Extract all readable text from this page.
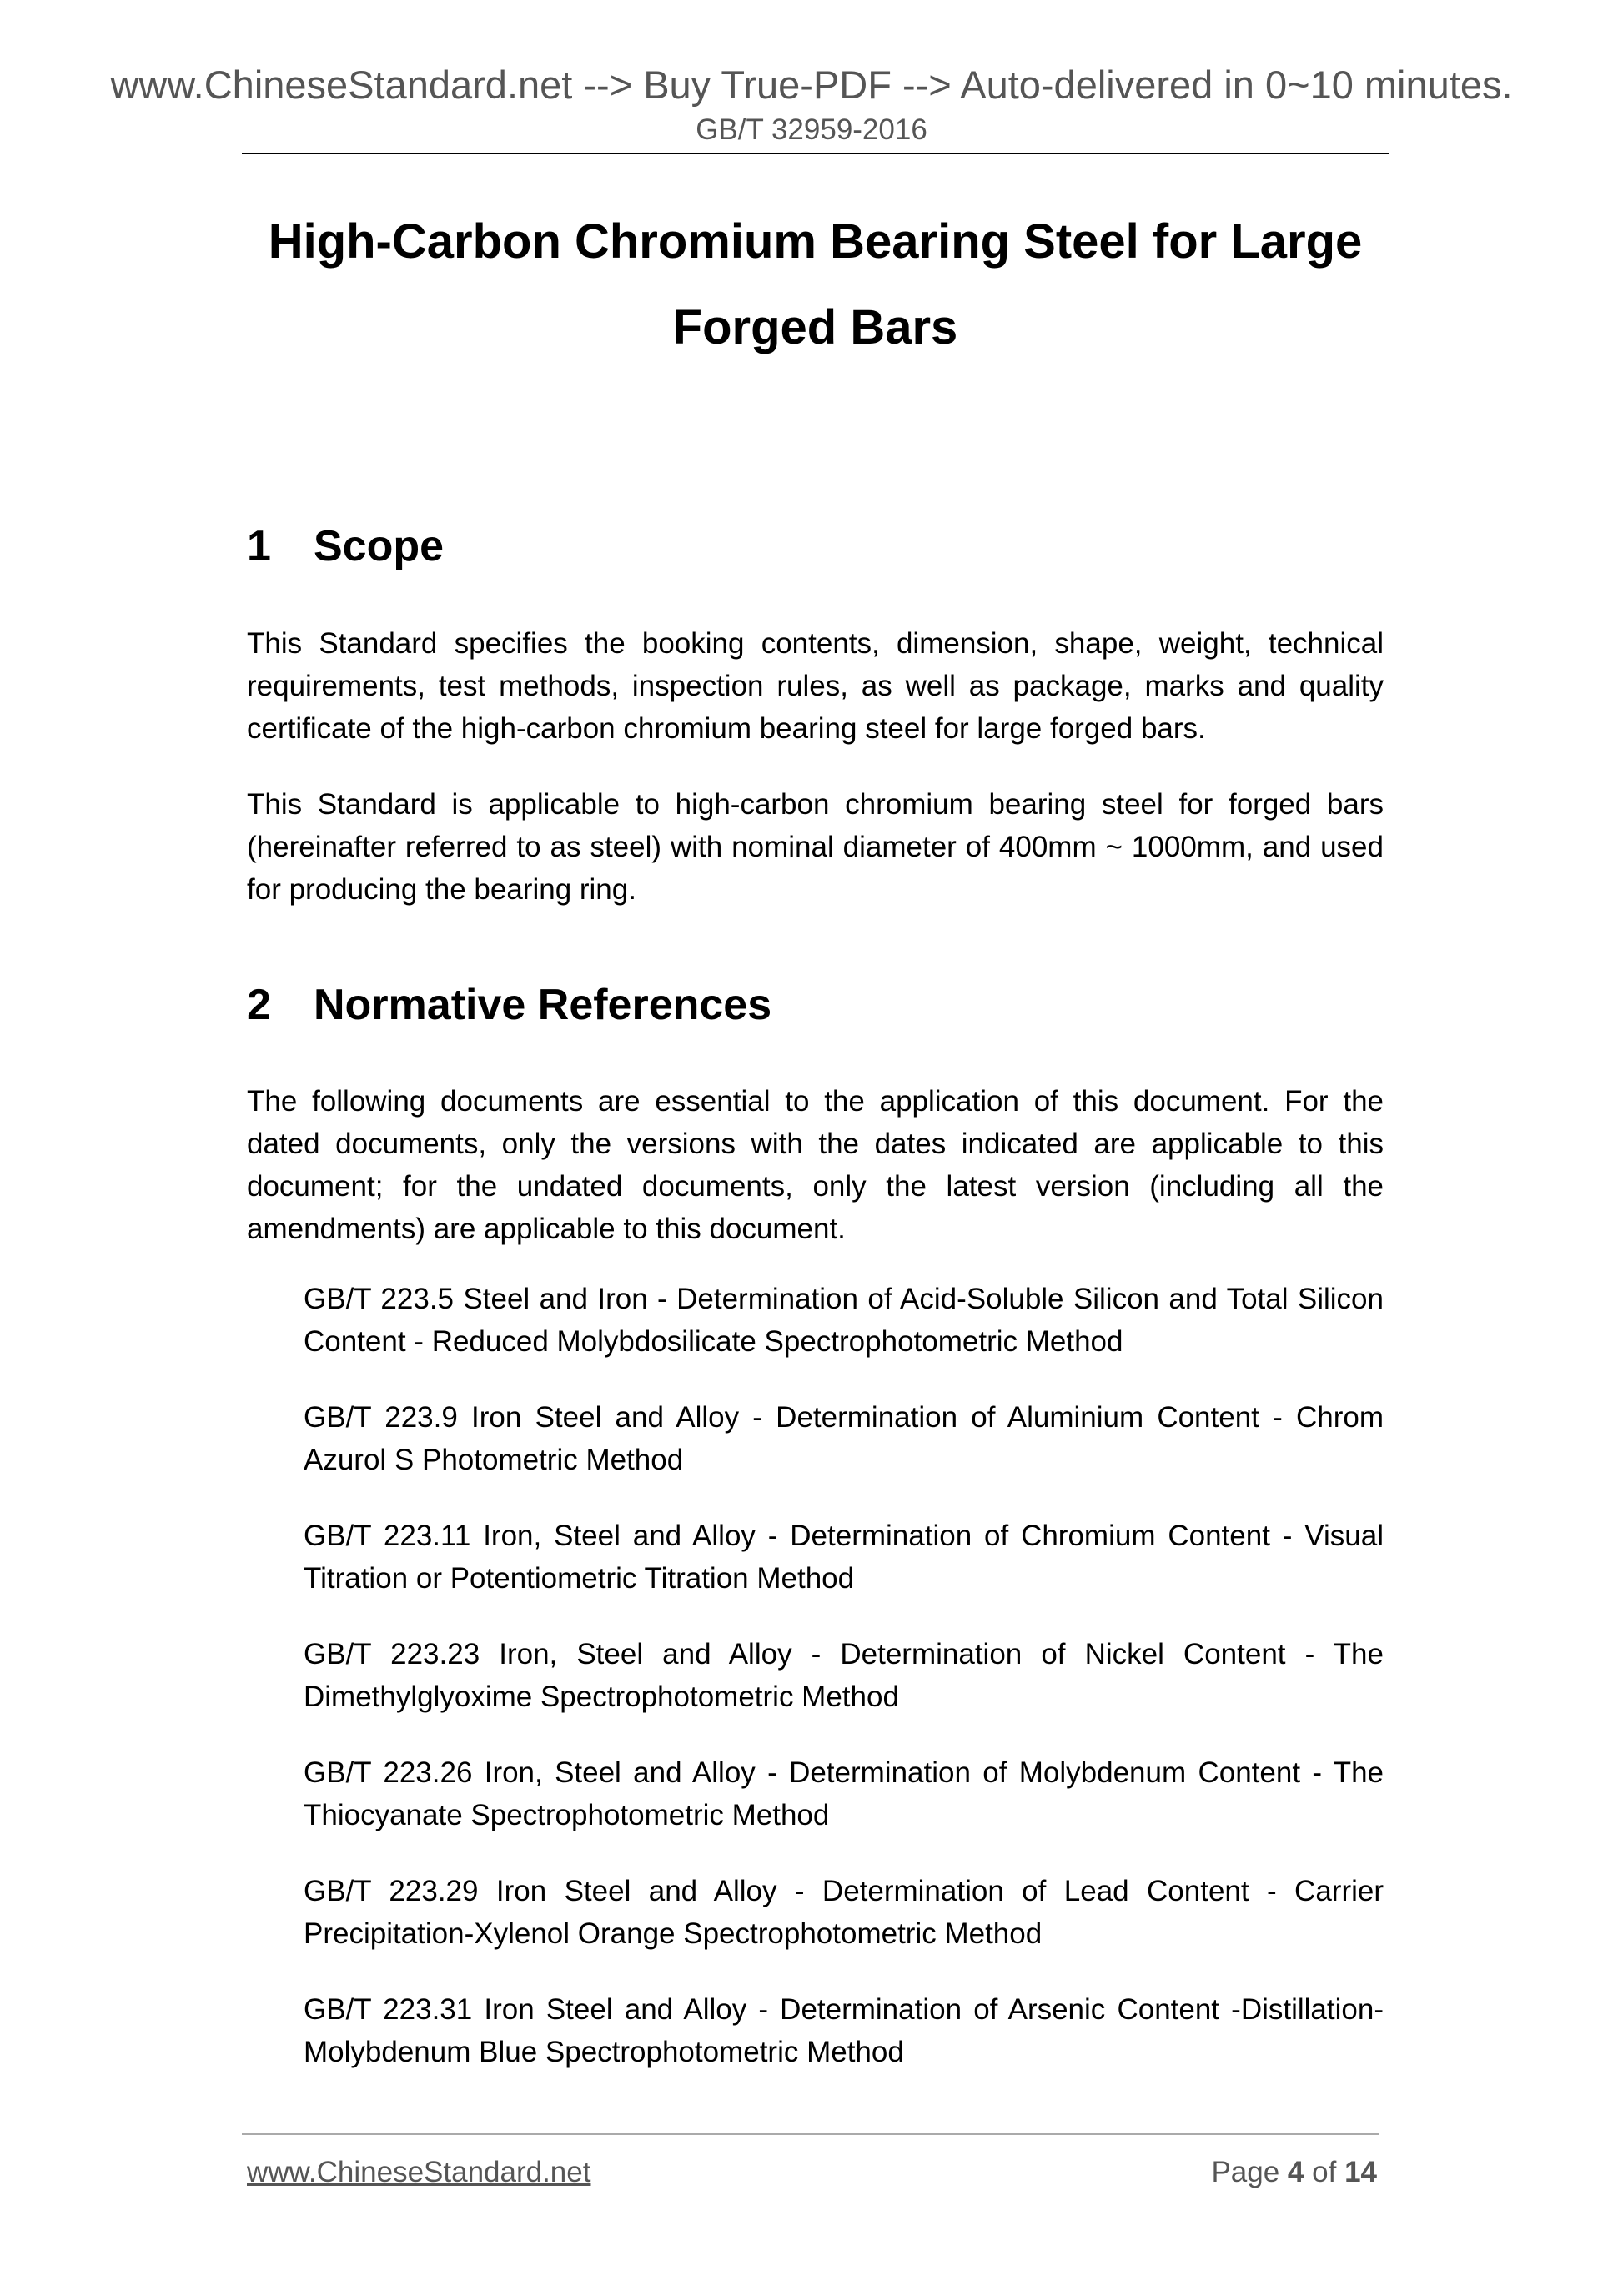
www.ChineseStandard.net --> Buy True-PDF --> Auto-delivered in 0~10 minutes.
GB/T 32959-2016
High-Carbon Chromium Bearing Steel for Large
Forged Bars
1 Scope

This Standard specifies the booking contents, dimension, shape, weight, technical requirements, test methods, inspection rules, as well as package, marks and quality certificate of the high-carbon chromium bearing steel for large forged bars.

This Standard is applicable to high-carbon chromium bearing steel for forged bars (hereinafter referred to as steel) with nominal diameter of 400mm ~ 1000mm, and used for producing the bearing ring.

2 Normative References

The following documents are essential to the application of this document. For the dated documents, only the versions with the dates indicated are applicable to this document; for the undated documents, only the latest version (including all the amendments) are applicable to this document.

GB/T 223.5 Steel and Iron - Determination of Acid-Soluble Silicon and Total Silicon Content - Reduced Molybdosilicate Spectrophotometric Method
GB/T 223.9 Iron Steel and Alloy - Determination of Aluminium Content - Chrom Azurol S Photometric Method
GB/T 223.11 Iron, Steel and Alloy - Determination of Chromium Content - Visual Titration or Potentiometric Titration Method
GB/T 223.23 Iron, Steel and Alloy - Determination of Nickel Content - The Dimethylglyoxime Spectrophotometric Method
GB/T 223.26 Iron, Steel and Alloy - Determination of Molybdenum Content - The Thiocyanate Spectrophotometric Method
GB/T 223.29 Iron Steel and Alloy - Determination of Lead Content - Carrier Precipitation-Xylenol Orange Spectrophotometric Method
GB/T 223.31 Iron Steel and Alloy - Determination of Arsenic Content -Distillation-Molybdenum Blue Spectrophotometric Method
www.ChineseStandard.net	Page 4 of 14
